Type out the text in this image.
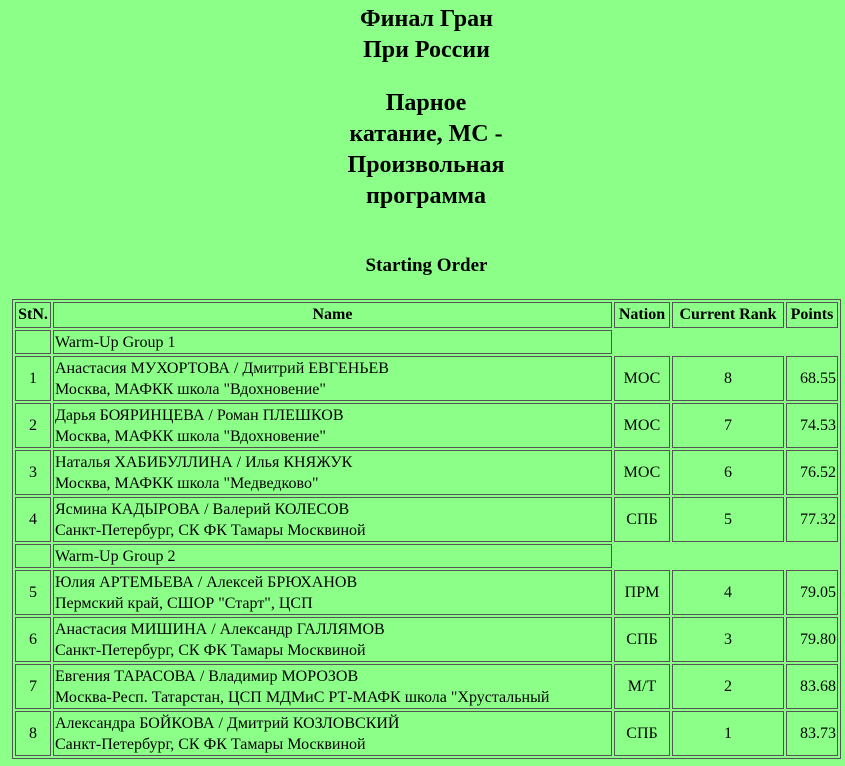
Финал Гран
При России
Парное
катание, МС -
Произвольная
программа
Starting Order
StN.	Name	Nation	Current Rank	Points
	Warm-Up Group 1			
1	Анастасия МУХОРТОВА / Дмитрий ЕВГЕНЬЕВ
Москва, МАФКК школа "Вдохновение"	МОС	8	68.55
2	Дарья БОЯРИНЦЕВА / Роман ПЛЕШКОВ
Москва, МАФКК школа "Вдохновение"	МОС	7	74.53
3	Наталья ХАБИБУЛЛИНА / Илья КНЯЖУК
Москва, МАФКК школа "Медведково"	МОС	6	76.52
4	Ясмина КАДЫРОВА / Валерий КОЛЕСОВ
Санкт-Петербург, СК ФК Тамары Москвиной	СПБ	5	77.32
	Warm-Up Group 2			
5	Юлия АРТЕМЬЕВА / Алексей БРЮХАНОВ
Пермский край, СШОР "Старт", ЦСП	ПРМ	4	79.05
6	Анастасия МИШИНА / Александр ГАЛЛЯМОВ
Санкт-Петербург, СК ФК Тамары Москвиной	СПБ	3	79.80
7	Евгения ТАРАСОВА / Владимир МОРОЗОВ
Москва-Респ. Татарстан, ЦСП МДМиС РТ-МАФК школа "Хрустальный	М/Т	2	83.68
8	Александра БОЙКОВА / Дмитрий КОЗЛОВСКИЙ
Санкт-Петербург, СК ФК Тамары Москвиной	СПБ	1	83.73
